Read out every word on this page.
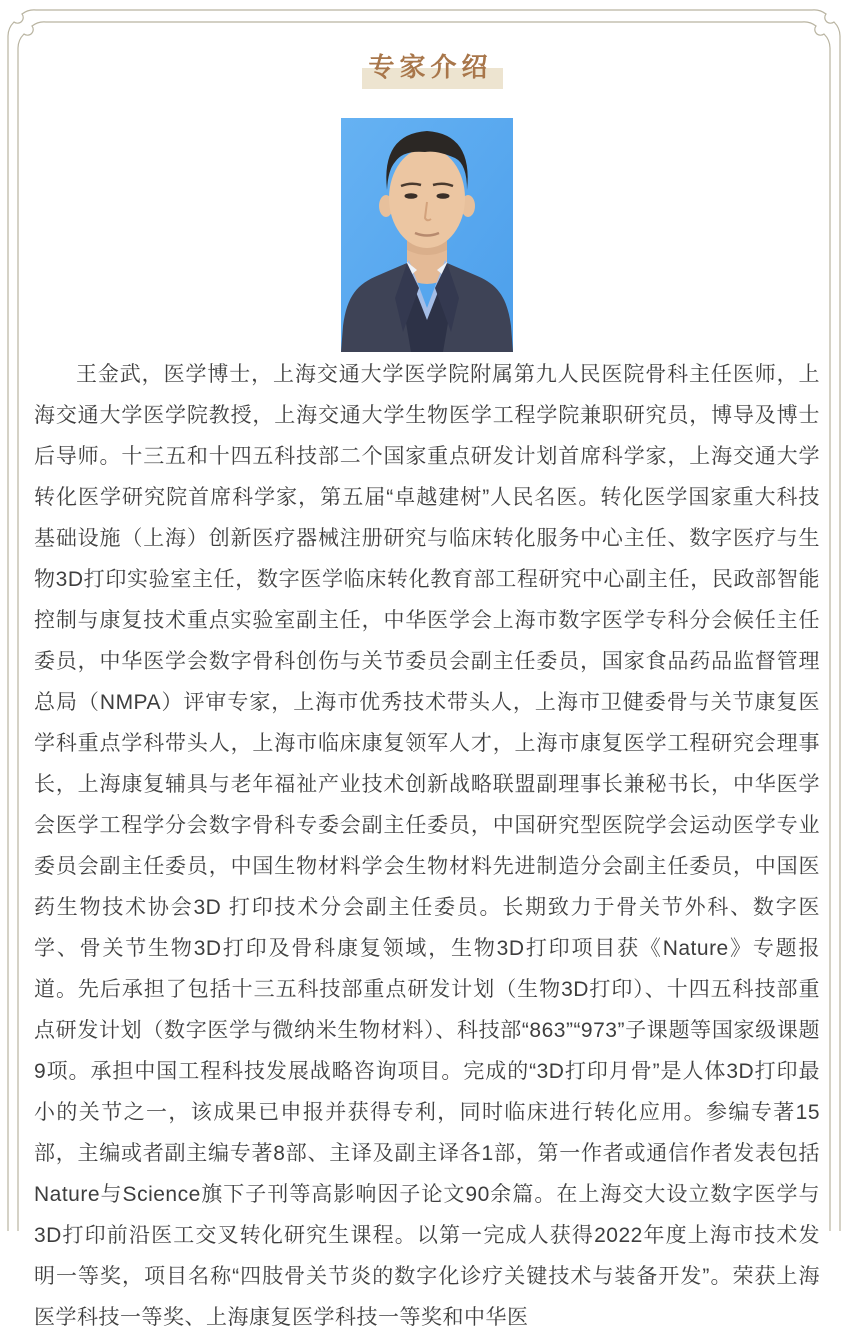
专家介绍

王金武，医学博士，上海交通大学医学院附属第九人民医院骨科主任医师，上海交通大学医学院教授，上海交通大学生物医学工程学院兼职研究员，博导及博士后导师。十三五和十四五科技部二个国家重点研发计划首席科学家，上海交通大学转化医学研究院首席科学家，第五届“卓越建树”人民名医。转化医学国家重大科技基础设施（上海）创新医疗器械注册研究与临床转化服务中心主任、数字医疗与生物3D打印实验室主任，数字医学临床转化教育部工程研究中心副主任，民政部智能控制与康复技术重点实验室副主任，中华医学会上海市数字医学专科分会候任主任委员，中华医学会数字骨科创伤与关节委员会副主任委员，国家食品药品监督管理总局（NMPA）评审专家，上海市优秀技术带头人，上海市卫健委骨与关节康复医学科重点学科带头人，上海市临床康复领军人才，上海市康复医学工程研究会理事长，上海康复辅具与老年福祉产业技术创新战略联盟副理事长兼秘书长，中华医学会医学工程学分会数字骨科专委会副主任委员，中国研究型医院学会运动医学专业委员会副主任委员，中国生物材料学会生物材料先进制造分会副主任委员，中国医药生物技术协会3D 打印技术分会副主任委员。长期致力于骨关节外科、数字医学、骨关节生物3D打印及骨科康复领域，生物3D打印项目获《Nature》专题报道。先后承担了包括十三五科技部重点研发计划（生物3D打印）、十四五科技部重点研发计划（数字医学与微纳米生物材料）、科技部“863”“973”子课题等国家级课题9项。承担中国工程科技发展战略咨询项目。完成的“3D打印月骨”是人体3D打印最小的关节之一，该成果已申报并获得专利，同时临床进行转化应用。参编专著15部，主编或者副主编专著8部、主译及副主译各1部，第一作者或通信作者发表包括Nature与Science旗下子刊等高影响因子论文90余篇。在上海交大设立数字医学与3D打印前沿医工交叉转化研究生课程。以第一完成人获得2022年度上海市技术发明一等奖，项目名称“四肢骨关节炎的数字化诊疗关键技术与装备开发”。荣获上海医学科技一等奖、上海康复医学科技一等奖和中华医
